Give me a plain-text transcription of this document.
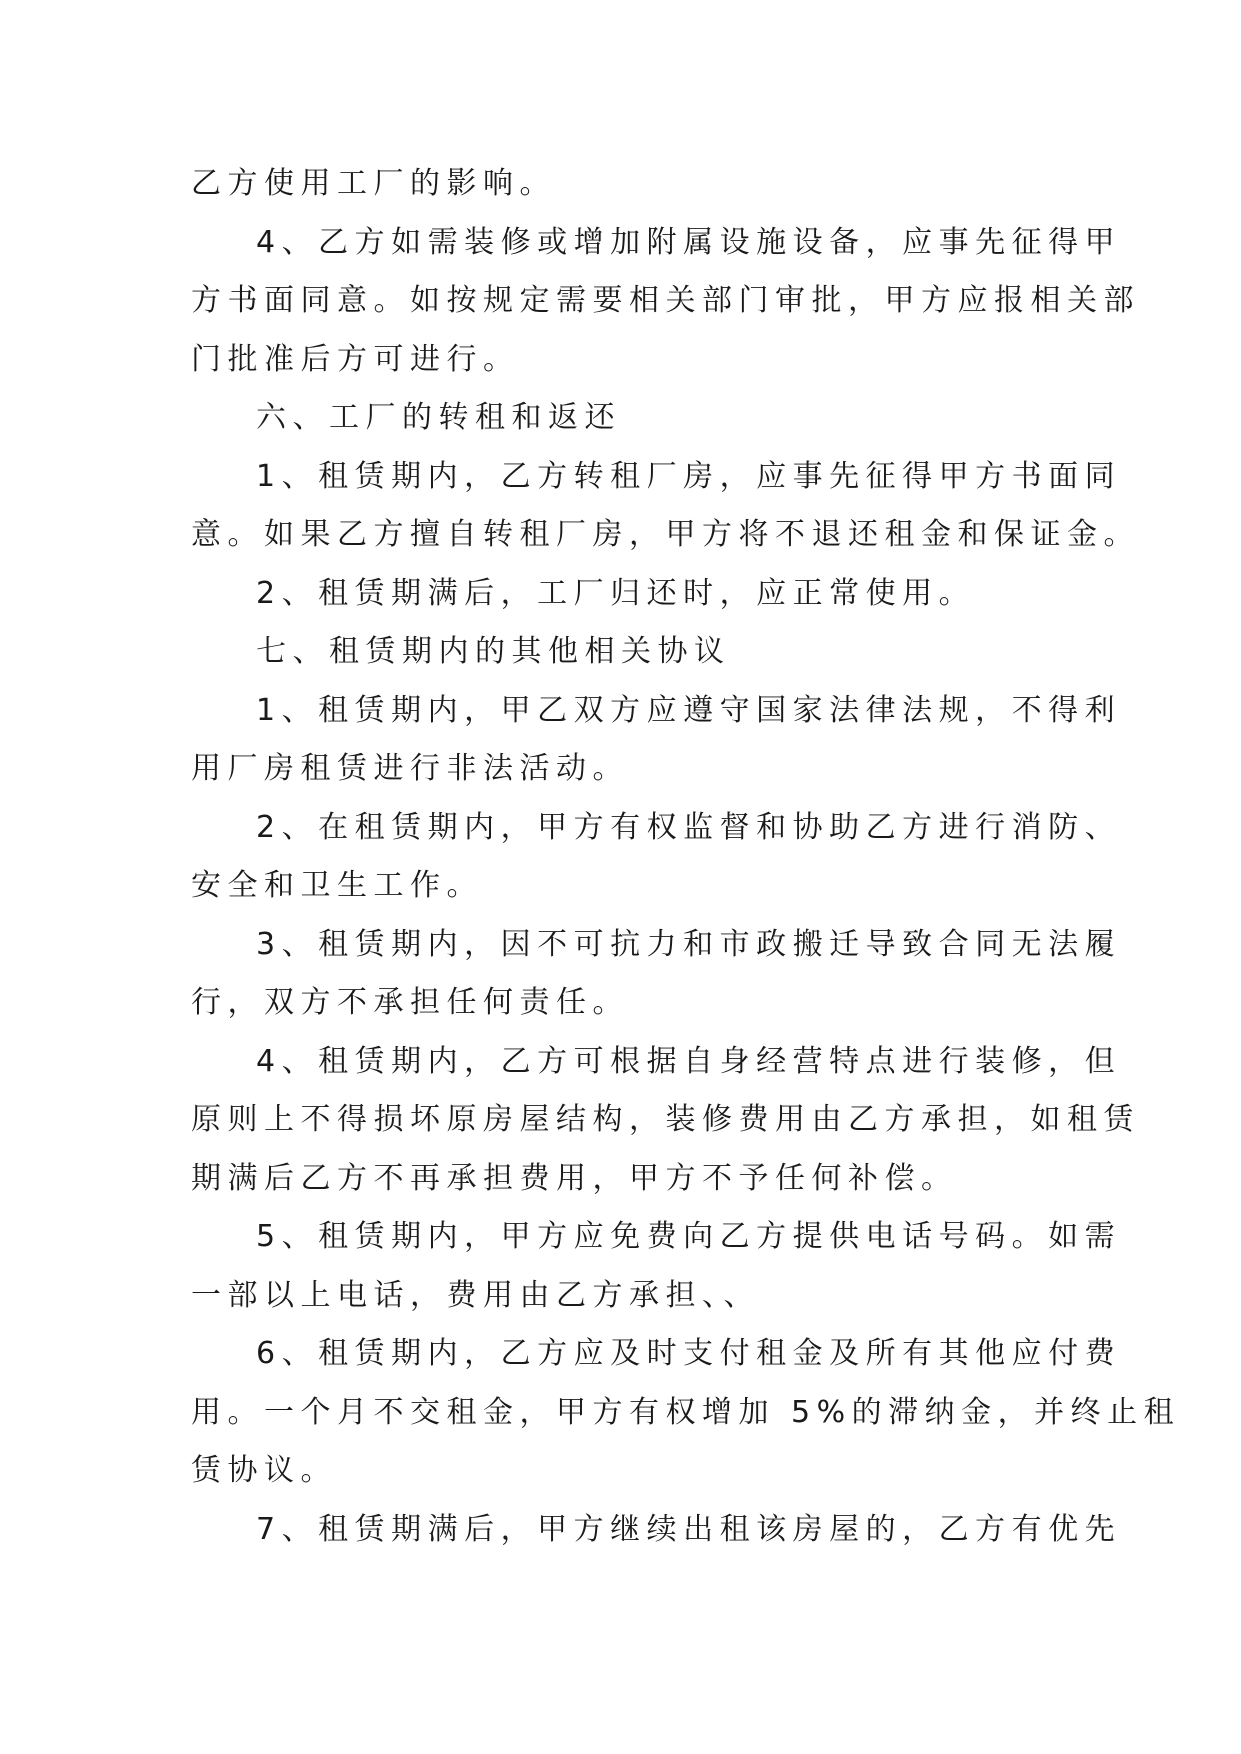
乙方使用工厂的影响。
4、乙方如需装修或增加附属设施设备，应事先征得甲
方书面同意。如按规定需要相关部门审批，甲方应报相关部
门批准后方可进行。
六、工厂的转租和返还
1、租赁期内，乙方转租厂房，应事先征得甲方书面同
意。如果乙方擅自转租厂房，甲方将不退还租金和保证金。
2、租赁期满后，工厂归还时，应正常使用。
七、租赁期内的其他相关协议
1、租赁期内，甲乙双方应遵守国家法律法规，不得利
用厂房租赁进行非法活动。
2、在租赁期内，甲方有权监督和协助乙方进行消防、
安全和卫生工作。
3、租赁期内，因不可抗力和市政搬迁导致合同无法履
行，双方不承担任何责任。
4、租赁期内，乙方可根据自身经营特点进行装修，但
原则上不得损坏原房屋结构，装修费用由乙方承担，如租赁
期满后乙方不再承担费用，甲方不予任何补偿。
5、租赁期内，甲方应免费向乙方提供电话号码。如需
一部以上电话，费用由乙方承担、、
6、租赁期内，乙方应及时支付租金及所有其他应付费
用。一个月不交租金，甲方有权增加 5%的滞纳金，并终止租
赁协议。
7、租赁期满后，甲方继续出租该房屋的，乙方有优先
